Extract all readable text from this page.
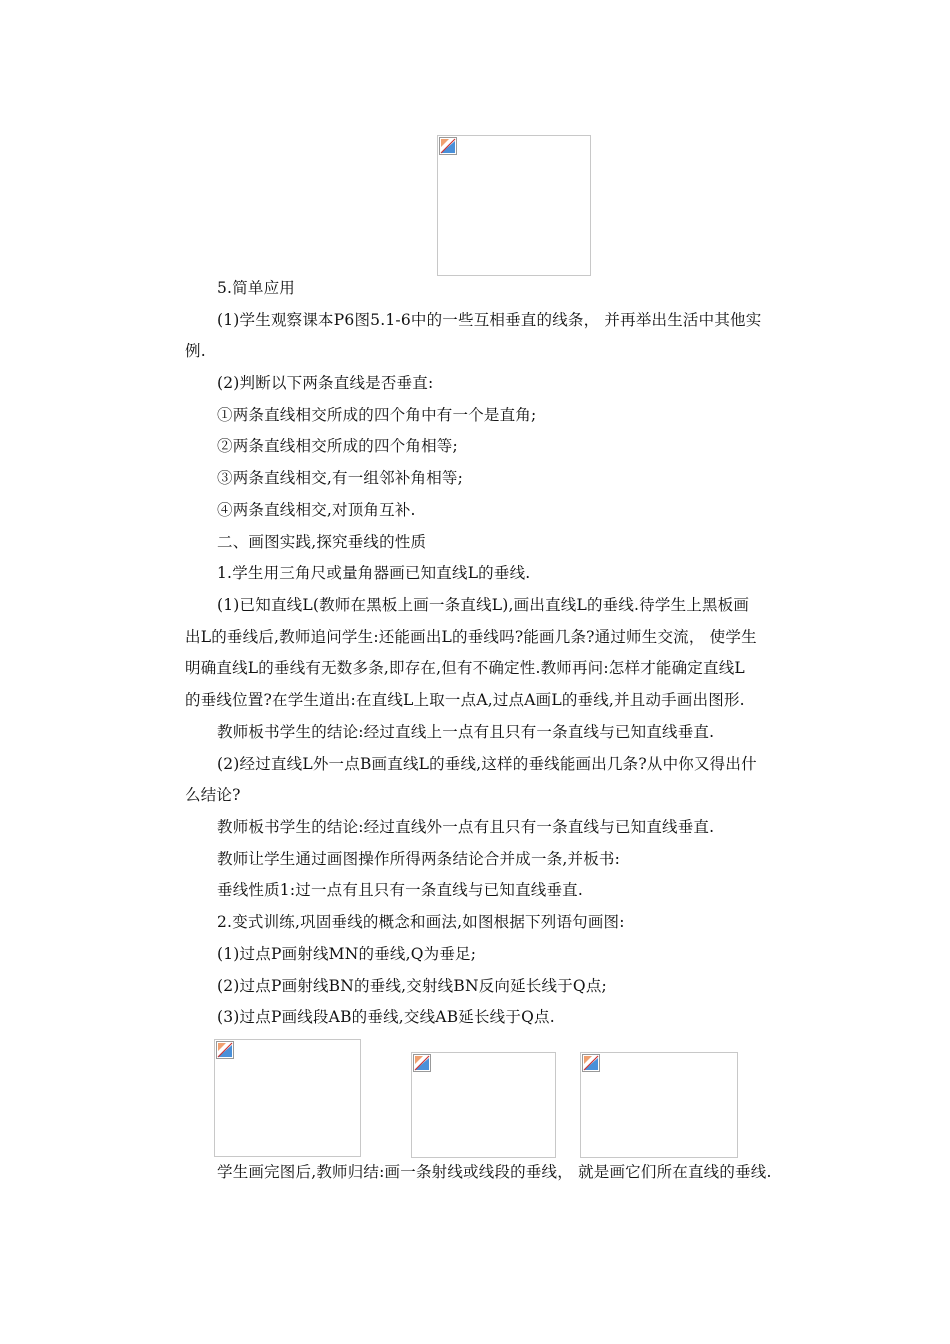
5.简单应用
(1)学生观察课本P6图5.1-6中的一些互相垂直的线条， 并再举出生活中其他实
例.
(2)判断以下两条直线是否垂直:
①两条直线相交所成的四个角中有一个是直角;
②两条直线相交所成的四个角相等;
③两条直线相交,有一组邻补角相等;
④两条直线相交,对顶角互补.
二、画图实践,探究垂线的性质
1.学生用三角尺或量角器画已知直线L的垂线.
(1)已知直线L(教师在黑板上画一条直线L),画出直线L的垂线.待学生上黑板画
出L的垂线后,教师追问学生:还能画出L的垂线吗?能画几条?通过师生交流， 使学生
明确直线L的垂线有无数多条,即存在,但有不确定性.教师再问:怎样才能确定直线L
的垂线位置?在学生道出:在直线L上取一点A,过点A画L的垂线,并且动手画出图形.
教师板书学生的结论:经过直线上一点有且只有一条直线与已知直线垂直.
(2)经过直线L外一点B画直线L的垂线,这样的垂线能画出几条?从中你又得出什
么结论?
教师板书学生的结论:经过直线外一点有且只有一条直线与已知直线垂直.
教师让学生通过画图操作所得两条结论合并成一条,并板书:
垂线性质1:过一点有且只有一条直线与已知直线垂直.
2.变式训练,巩固垂线的概念和画法,如图根据下列语句画图:
(1)过点P画射线MN的垂线,Q为垂足;
(2)过点P画射线BN的垂线,交射线BN反向延长线于Q点;
(3)过点P画线段AB的垂线,交线AB延长线于Q点.
学生画完图后,教师归结:画一条射线或线段的垂线， 就是画它们所在直线的垂线.
